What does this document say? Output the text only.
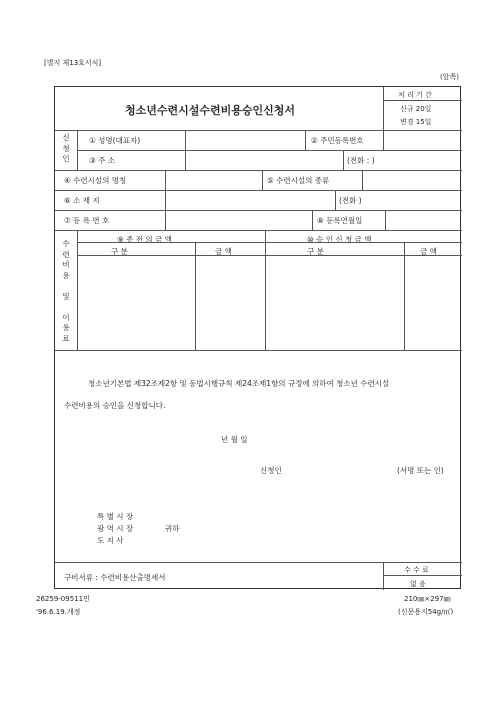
[별지 제13호서식]
(앞쪽)
청소년수련시설수련비용승인신청서
처 리 기 간
신규 20일
변경 15일
신
청
인
① 성명(대표자)	② 주민등록번호
③ 주 소	(전화 : )
④ 수련시설의 명칭	⑤ 수련시설의 종류
⑥ 소 재 지	(전화 )
⑦ 등 록 번 호	⑧ 등록연월일
수
련
비
용

및

이
용
료
⑨ 종 전 의 금 액	⑩ 승 인 신 청 금 액
구 분	금 액	구 분	금 액
청소년기본법 제32조제2항 및 동법시행규칙 제24조제1항의 규정에 의하여 청소년 수련시설
수련비용의 승인을 신청합니다.
년 월 일
신청인	(서명 또는 인)
특 별 시 장
광 역 시 장	귀하
도 지 사
구비서류 : 수련비용산출명세서
수 수 료
없 음
26259-09511민
'96.6.19.개정
210㎜×297㎜
(신문용지54g/㎡)
